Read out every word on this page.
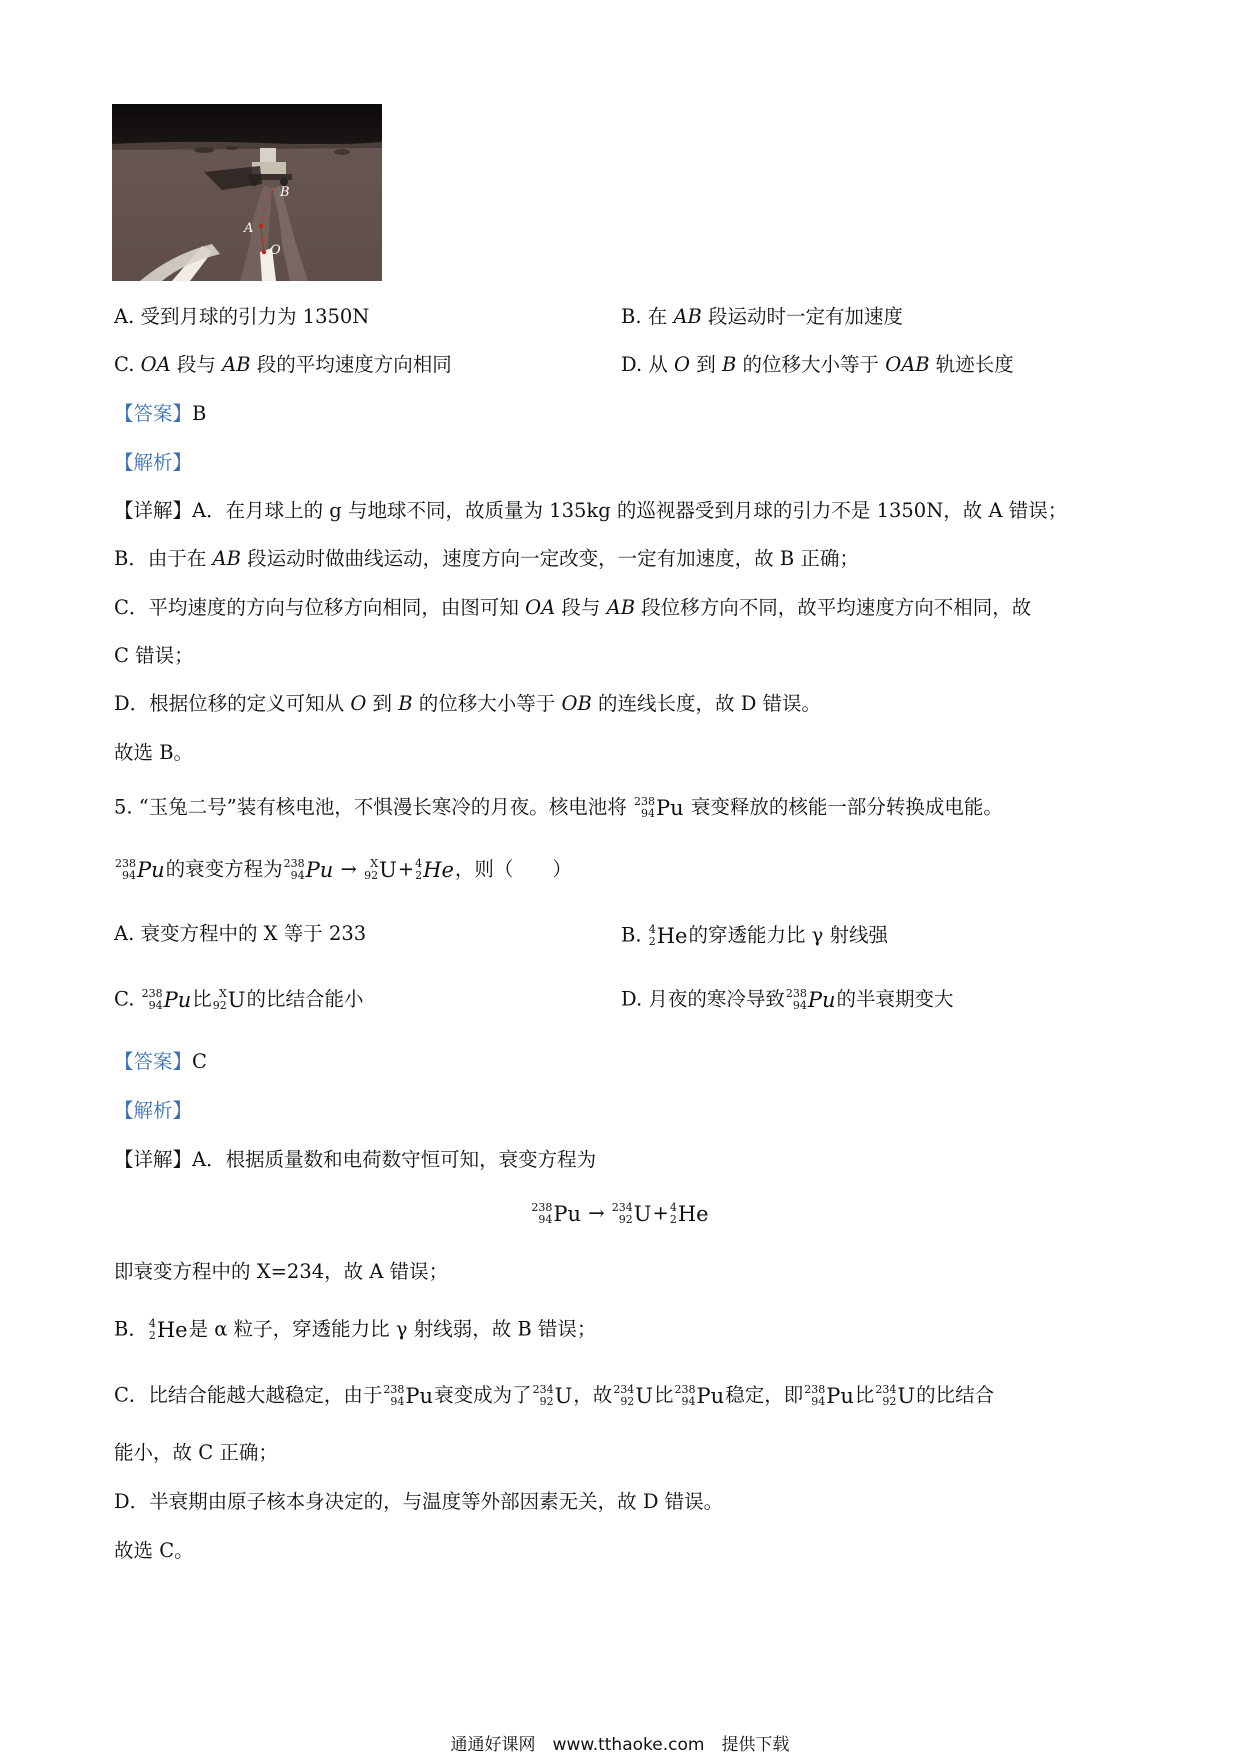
B
A
O
A. 受到月球的引力为 1350N	B. 在 AB 段运动时一定有加速度
C. OA 段与 AB 段的平均速度方向相同	D. 从 O 到 B 的位移大小等于 OAB 轨迹长度
【答案】B
【解析】
【详解】A．在月球上的 g 与地球不同，故质量为 135kg 的巡视器受到月球的引力不是 1350N，故 A 错误；
B．由于在 AB 段运动时做曲线运动，速度方向一定改变，一定有加速度，故 B 正确；
C．平均速度的方向与位移方向相同，由图可知 OA 段与 AB 段位移方向不同，故平均速度方向不相同，故
C 错误；
D．根据位移的定义可知从 O 到 B 的位移大小等于 OB 的连线长度，故 D 错误。
故选 B。
5. “玉兔二号”装有核电池，不惧漫长寒冷的月夜。核电池将 238
94 Pu 衰变释放的核能一部分转换成电能。
238
94 Pu的衰变方程为 238
94 Pu → X
92 U+ 4
2 He，则（　　）
A. 衰变方程中的 X 等于 233	B. 4
2 He的穿透能力比 γ 射线强
C. 238
94 Pu比 X
92 U的比结合能小	D. 月夜的寒冷导致 238
94 Pu的半衰期变大
【答案】C
【解析】
【详解】A．根据质量数和电荷数守恒可知，衰变方程为
238
94 Pu → 234
92 U+ 4
2 He
即衰变方程中的 X=234，故 A 错误；
B． 4
2 He是 α 粒子，穿透能力比 γ 射线弱，故 B 错误；
C．比结合能越大越稳定，由于 238
94 Pu衰变成为了 234
92 U，故 234
92 U比 238
94 Pu稳定，即 238
94 Pu比 234
92 U的比结合
能小，故 C 正确；
D．半衰期由原子核本身决定的，与温度等外部因素无关，故 D 错误。
故选 C。
通通好课网　www.tthaoke.com　提供下载
